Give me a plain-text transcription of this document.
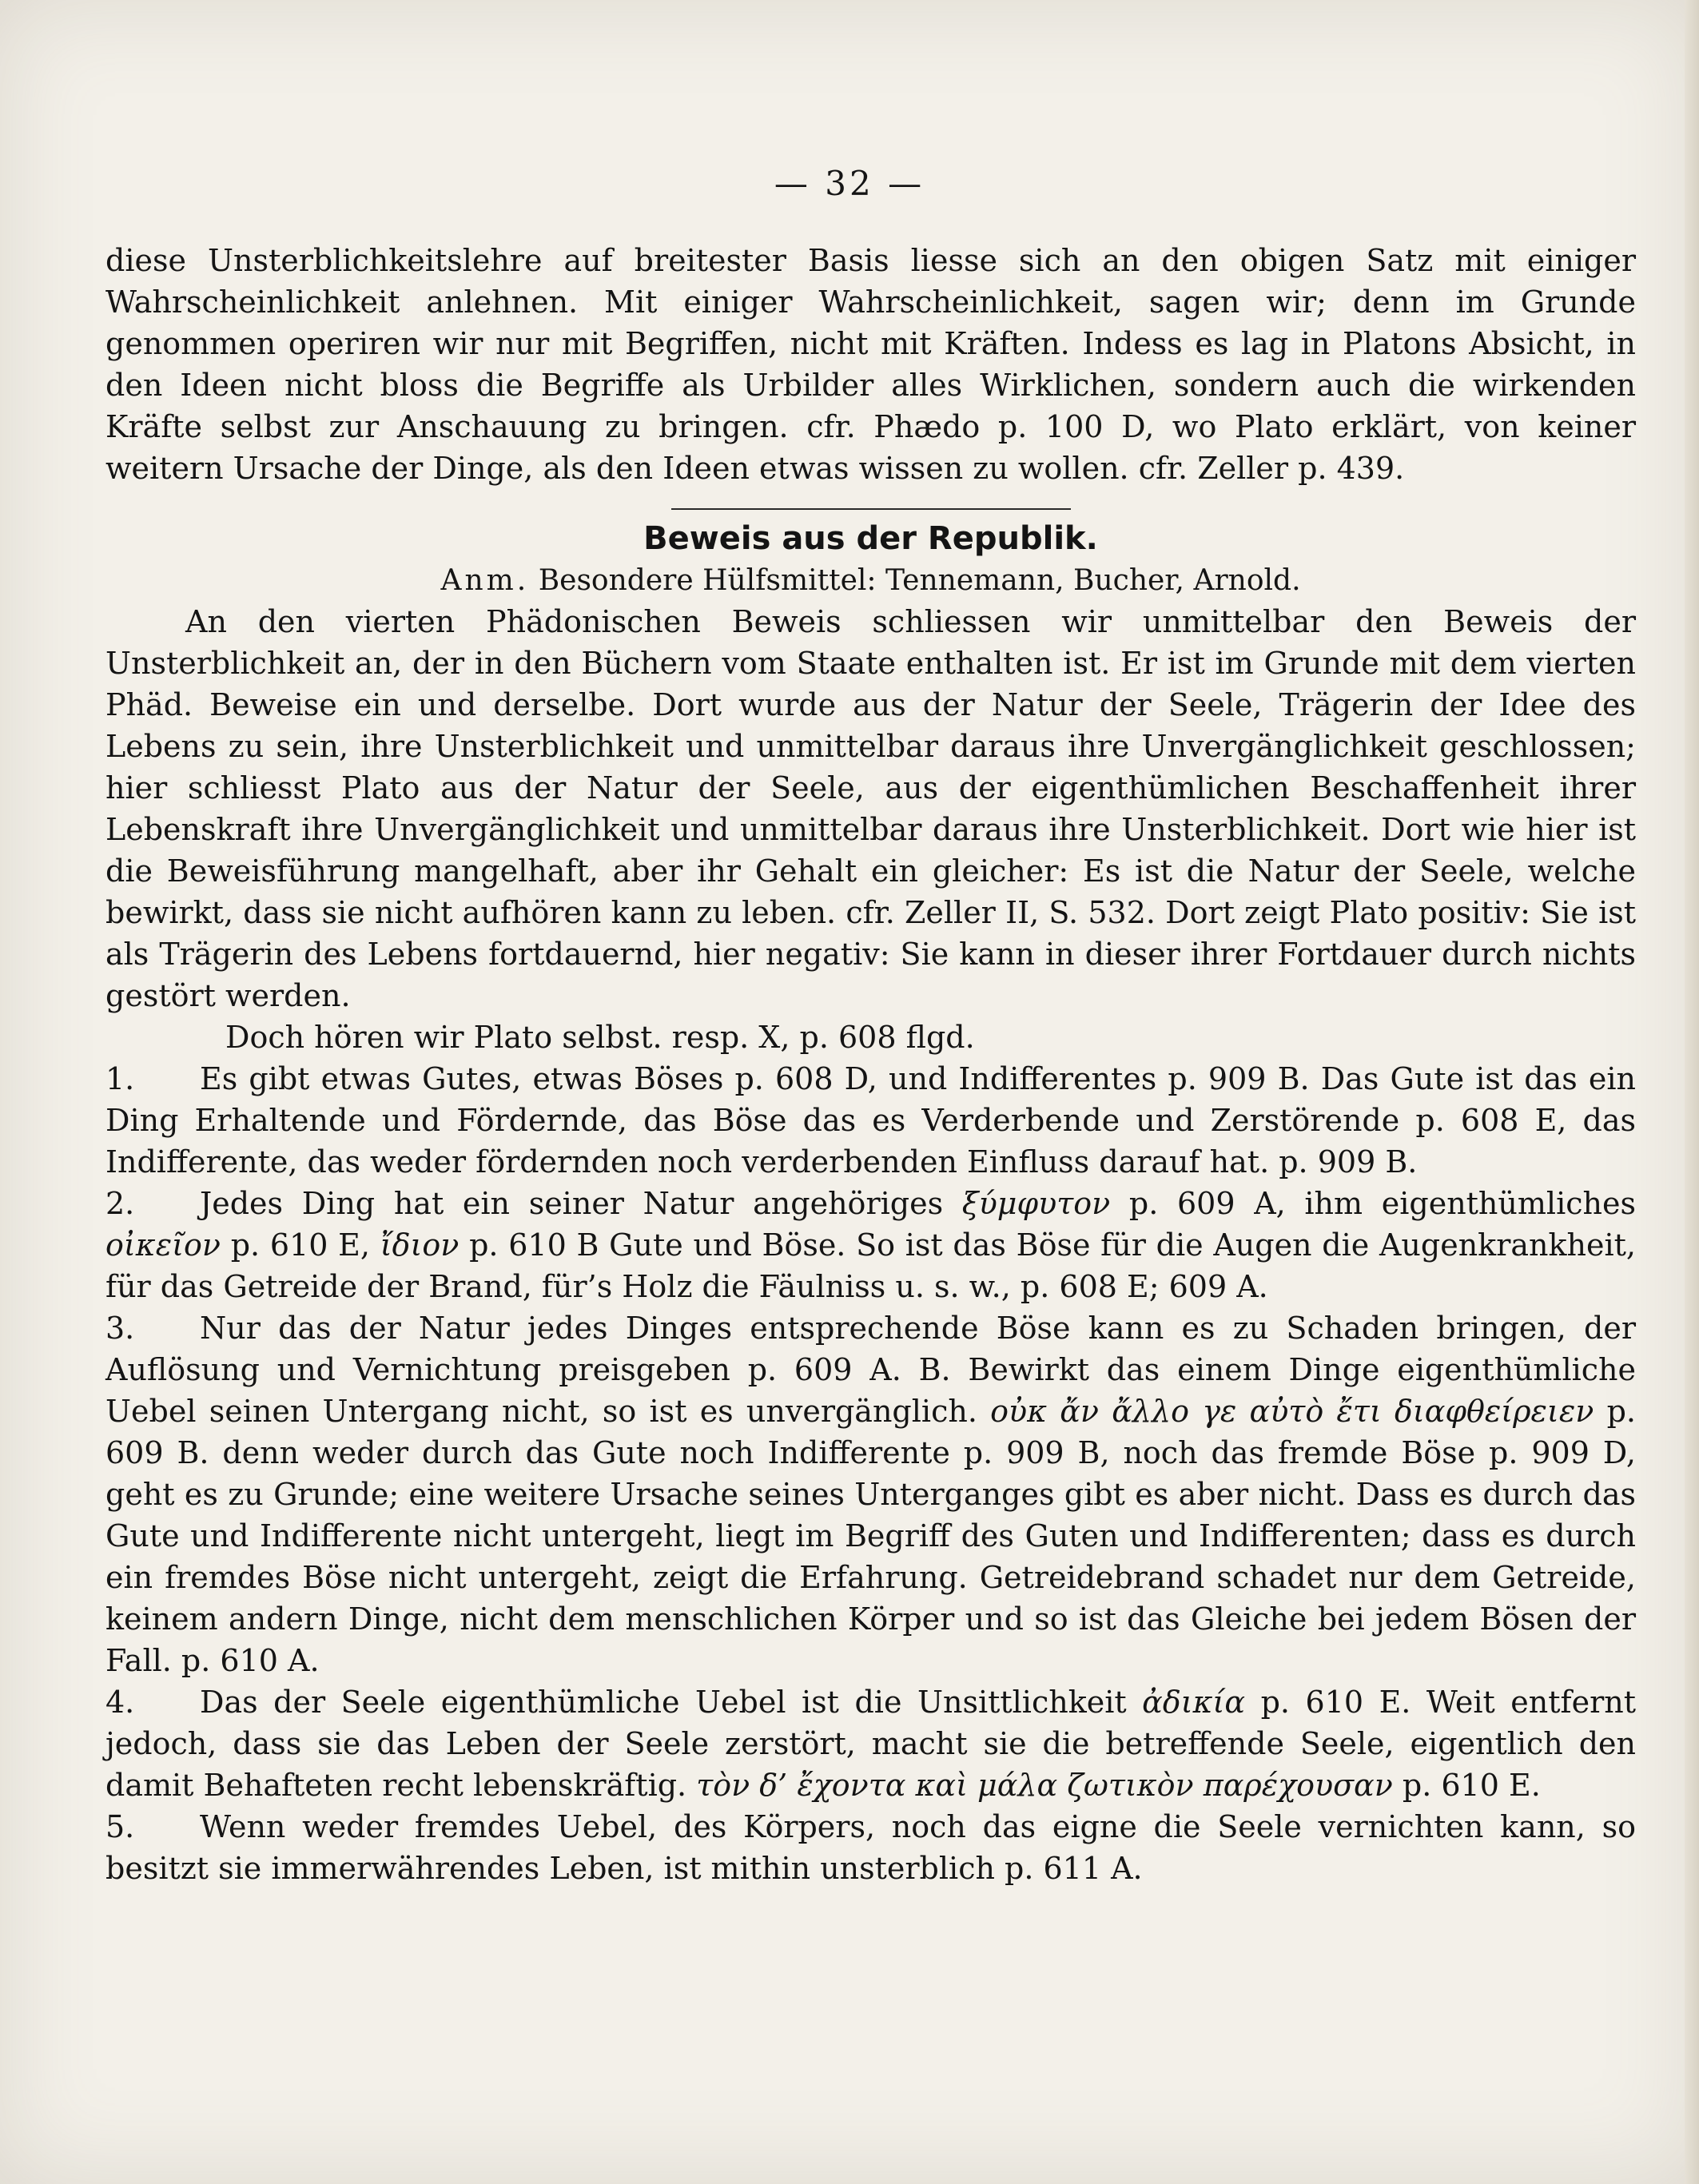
— 32 —

diese Unsterblichkeitslehre auf breitester Basis liesse sich an den obigen Satz mit einiger Wahrscheinlichkeit anlehnen. Mit einiger Wahrscheinlichkeit, sagen wir; denn im Grunde genommen operiren wir nur mit Begriffen, nicht mit Kräften. Indess es lag in Platons Absicht, in den Ideen nicht bloss die Begriffe als Urbilder alles Wirklichen, sondern auch die wirkenden Kräfte selbst zur Anschauung zu bringen. cfr. Phædo p. 100 D, wo Plato erklärt, von keiner weitern Ursache der Dinge, als den Ideen etwas wissen zu wollen. cfr. Zeller p. 439.

Beweis aus der Republik.

Anm. Besondere Hülfsmittel: Tennemann, Bucher, Arnold.

An den vierten Phädonischen Beweis schliessen wir unmittelbar den Beweis der Unsterblichkeit an, der in den Büchern vom Staate enthalten ist. Er ist im Grunde mit dem vierten Phäd. Beweise ein und derselbe. Dort wurde aus der Natur der Seele, Trägerin der Idee des Lebens zu sein, ihre Unsterblichkeit und unmittelbar daraus ihre Unvergänglichkeit geschlossen; hier schliesst Plato aus der Natur der Seele, aus der eigenthümlichen Beschaffenheit ihrer Lebenskraft ihre Unvergänglichkeit und unmittelbar daraus ihre Unsterblichkeit. Dort wie hier ist die Beweisführung mangelhaft, aber ihr Gehalt ein gleicher: Es ist die Natur der Seele, welche bewirkt, dass sie nicht aufhören kann zu leben. cfr. Zeller II, S. 532. Dort zeigt Plato positiv: Sie ist als Trägerin des Lebens fortdauernd, hier negativ: Sie kann in dieser ihrer Fortdauer durch nichts gestört werden.

Doch hören wir Plato selbst. resp. X, p. 608 flgd.

1. Es gibt etwas Gutes, etwas Böses p. 608 D, und Indifferentes p. 909 B. Das Gute ist das ein Ding Erhaltende und Fördernde, das Böse das es Verderbende und Zerstörende p. 608 E, das Indifferente, das weder fördernden noch verderbenden Einfluss darauf hat. p. 909 B.

2. Jedes Ding hat ein seiner Natur angehöriges ξύμφυτον p. 609 A, ihm eigenthümliches οἰκεῖον p. 610 E, ἴδιον p. 610 B Gute und Böse. So ist das Böse für die Augen die Augenkrankheit, für das Getreide der Brand, für’s Holz die Fäulniss u. s. w., p. 608 E; 609 A.

3. Nur das der Natur jedes Dinges entsprechende Böse kann es zu Schaden bringen, der Auflösung und Vernichtung preisgeben p. 609 A. B. Bewirkt das einem Dinge eigenthümliche Uebel seinen Untergang nicht, so ist es unvergänglich. οὐκ ἄν ἄλλο γε αὐτὸ ἔτι διαφθείρειεν p. 609 B. denn weder durch das Gute noch Indifferente p. 909 B, noch das fremde Böse p. 909 D, geht es zu Grunde; eine weitere Ursache seines Unterganges gibt es aber nicht. Dass es durch das Gute und Indifferente nicht untergeht, liegt im Begriff des Guten und Indifferenten; dass es durch ein fremdes Böse nicht untergeht, zeigt die Erfahrung. Getreidebrand schadet nur dem Getreide, keinem andern Dinge, nicht dem menschlichen Körper und so ist das Gleiche bei jedem Bösen der Fall. p. 610 A.

4. Das der Seele eigenthümliche Uebel ist die Unsittlichkeit ἀδικία p. 610 E. Weit entfernt jedoch, dass sie das Leben der Seele zerstört, macht sie die betreffende Seele, eigentlich den damit Behafteten recht lebenskräftig. τὸν δ’ ἔχοντα καὶ μάλα ζωτικὸν παρέχουσαν p. 610 E.

5. Wenn weder fremdes Uebel, des Körpers, noch das eigne die Seele vernichten kann, so besitzt sie immerwährendes Leben, ist mithin unsterblich p. 611 A.
